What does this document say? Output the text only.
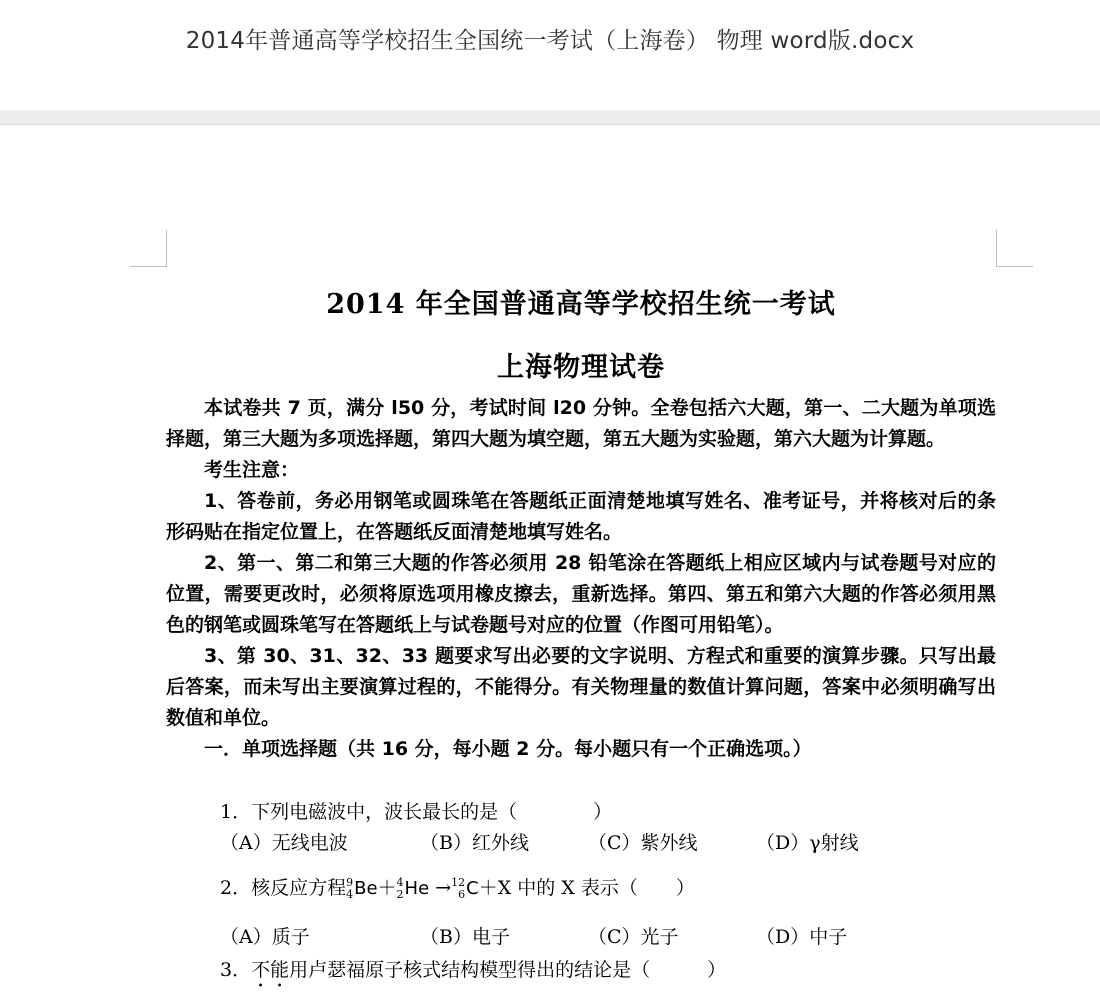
2014年普通高等学校招生全国统一考试（上海卷） 物理 word版.docx
2014 年全国普通高等学校招生统一考试
上海物理试卷

本试卷共 7 页，满分 l50 分，考试时间 l20 分钟。全卷包括六大题，第一、二大题为单项选择题，第三大题为多项选择题，第四大题为填空题，第五大题为实验题，第六大题为计算题。

考生注意：

1、答卷前，务必用钢笔或圆珠笔在答题纸正面清楚地填写姓名、准考证号，并将核对后的条形码贴在指定位置上，在答题纸反面清楚地填写姓名。

2、第一、第二和第三大题的作答必须用 28 铅笔涂在答题纸上相应区域内与试卷题号对应的位置，需要更改时，必须将原选项用橡皮擦去，重新选择。第四、第五和第六大题的作答必须用黑色的钢笔或圆珠笔写在答题纸上与试卷题号对应的位置（作图可用铅笔）。

3、第 30、31、32、33 题要求写出必要的文字说明、方程式和重要的演算步骤。只写出最后答案，而未写出主要演算过程的，不能得分。有关物理量的数值计算问题，答案中必须明确写出数值和单位。

一．单项选择题（共 16 分，每小题 2 分。每小题只有一个正确选项。）

1．下列电磁波中，波长最长的是（　　　　）
（A）无线电波	（B）红外线	（C）紫外线	（D）γ射线
2．核反应方程 9
4 Be＋ 4
2 He → 12
6 C＋X 中的 X 表示（　　）
（A）质子	（B）电子	（C）光子	（D）中子
3．不能用卢瑟福原子核式结构模型得出的结论是（　　　）
